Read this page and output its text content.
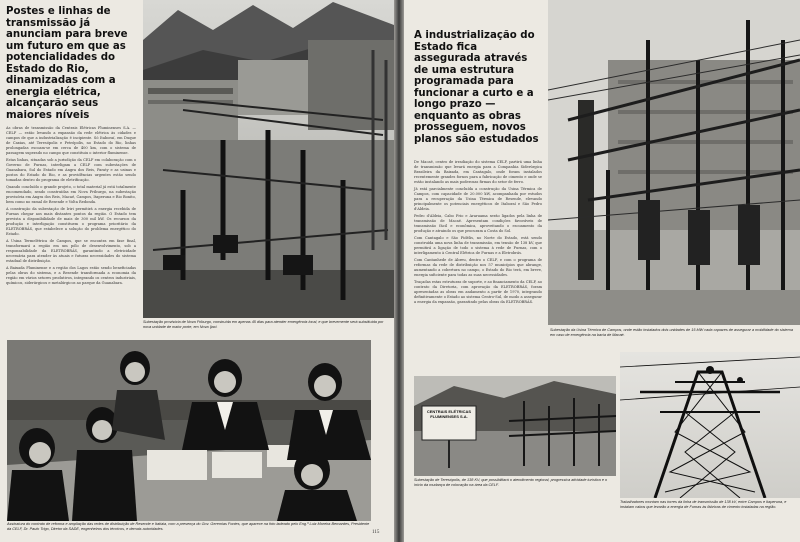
Postes e linhas de transmissão já anunciam para breve um futuro em que as potencialidades do Estado do Rio, dinamizadas com a energia elétrica, alcançarão seus maiores níveis

As obras de transmissão da Centrais Elétricas Fluminenses S.A. — CELF — estão levando a expansão da rede elétrica às cidades e campos de que a industrialização é incipiente. Só Itaboraí, em Duque de Caxias, até Teresópolis e Petrópolis, no Estado do Rio, linhas prolongadas escoam-se em cerca de 400 km, com o sistema de passagem superado no campo que constituiu o interior fluminense.

Estas linhas, situadas sob a jurisdição da CELF em colaboração com o Governo de Furnas, interligam a CELF com subestações de Guanabara, Sul do Estado em Angra dos Reis, Paraty e as usinas e postos do Estado do Rio, e as providências urgentes estão sendo tomadas dentro do programa de eletrificação.

Quando concluído o grande projeto, o total material já está totalmente encomendado, sendo construídas em Nova Friburgo, na subestação provisória em Angra dos Reis, Macaé, Campos, Itaperuna e Rio Bonito, bem como no ramal de Resende e Volta Redonda.

A construção da subestação de Iriri permitirá a energia recebida de Furnas chegar aos mais distantes pontos da região. O Estado tem prevista a disponibilidade de mais de 300 mil kW. Os recursos da produção e interligação constituem o programa prioritário da ELETROBRÁS, que estabelece a solução do problema energético do Estado.

A Usina Termelétrica de Campos, que se encontra em fase final, transformará a região em um pólo de desenvolvimento, sob a responsabilidade da ELETROBRÁS, garantindo a eletricidade necessária para atender às atuais e futuras necessidades do sistema estadual de distribuição.

A Baixada Fluminense e a região dos Lagos estão sendo beneficiadas pelas obras do sistema, e a Resende transformada a economia da região em vários setores produtivos, integrando os centros industriais, químicos, siderúrgicos e metalúrgicos ao parque da Guanabara.

Subestação provisória de Nova Friburgo, construída em apenas 45 dias para atender emergência local, e que brevemente será substituída por nova unidade de maior porte, em Nova Ijaci.
Assinatura do contrato de reforma e ampliação das redes de distribuição de Resende e Itatiaia, com a presença do Gov. Geremias Fontes, que aparece na foto ladeado pelo Eng.º Luiz Moreira Bernardes, Presidente da CELF, Dr. Paulo Trigo, Diretor da SADE, engenheiros dos técnicos, e demais autoridades.
115
A industrialização do Estado fica assegurada através de uma estrutura programada para funcionar a curto e a longo prazo — enquanto as obras prosseguem, novos planos são estudados

De Macaé, centro de irradiação do sistema CELF, partirá uma linha de transmissão que levará energia para a Companhia Siderúrgica Brasileira da Baixada, em Cantagalo, onde foram instalados recentemente grandes fornos para a fabricação de cimento e onde se estão instalando as mais poderosas firmas do setor de ferro.

Já está parcialmente concluída a construção da Usina Térmica de Campos, com capacidade de 20.000 kW, acompanhada por estudos para a recuperação da Usina Térmica de Resende, elevando principalmente os potenciais energéticos de Itaboraí e São Pedro d'Aldeia.

Pedro d'Aldeia, Cabo Frio e Araruama serão ligados pela linha de transmissão de Macaé. Apresentam condições favoráveis de transmissão fácil e econômica, aproveitando o escoamento da produção e atraindo os que procuram a Costa do Sol.

Com Cantagalo e São Fidélis, no Norte do Estado, está sendo construída uma nova linha de transmissão, em tensão de 138 kV, que permitirá a ligação de todo o sistema à rede de Furnas, com o interligamento à Central Elétrica de Furnas e a Eletrobrás.

Com Cantanhede de Abreu, dentro o CELF, e com o programa de reformas da rede de distribuição nos 57 municípios que abrange, aumentando a cobertura no campo, o Estado do Rio terá, em breve, energia suficiente para todas as suas necessidades.

Traçadas estas estruturas de suporte, e ao financiamento da CELF, ao contrato da Diretoria, com aprovação da ELETROBRÁS, foram apresentadas as obras em andamento a partir de 1970, integrando definitivamente o Estado ao sistema Centro-Sul, de modo a assegurar a energia da expansão, garantindo pelas obras da ELETROBRÁS.

Subestação da Usina Térmica de Campos, onde estão instalados dois unidades de 15 MW cada capazes de assegurar a mobilidade do sistema em caso de emergência na bacia de Macaé.
CENTRAIS ELÉTRICAS FLUMINENSES S.A.
Subestação de Teresópolis, de 138 KV, que possibilitará o atendimento regional, progressiva atividade turística e o início da mudança de colocação na área da CELF.
Trabalhadores montam nas torres da linha de transmissão de 138 kV, entre Campos e Itaperuna, e instalam cabos que levarão a energia de Furnas às fábricas de cimento instaladas na região.
